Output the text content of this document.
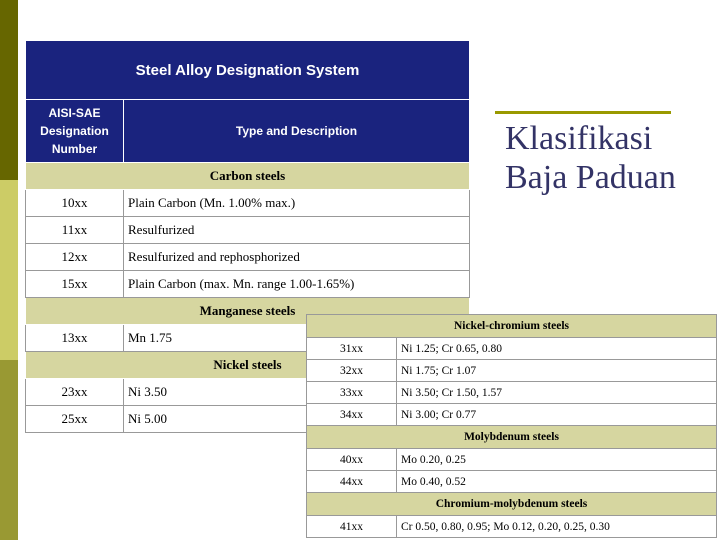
Steel Alloy Designation System	
AISI-SAE Designation Number	Type and Description
Carbon steels	
10xx	Plain Carbon (Mn. 1.00% max.)
11xx	Resulfurized
12xx	Resulfurized and rephosphorized
15xx	Plain Carbon (max. Mn. range 1.00-1.65%)
Manganese steels	
13xx	Mn 1.75
Nickel steels	
23xx	Ni 3.50
25xx	Ni 5.00
Klasifikasi Baja Paduan
Nickel-chromium steels	
31xx	Ni 1.25; Cr 0.65, 0.80
32xx	Ni 1.75; Cr 1.07
33xx	Ni 3.50; Cr 1.50, 1.57
34xx	Ni 3.00; Cr 0.77
Molybdenum steels	
40xx	Mo 0.20, 0.25
44xx	Mo 0.40, 0.52
Chromium-molybdenum steels	
41xx	Cr 0.50, 0.80, 0.95; Mo 0.12, 0.20, 0.25, 0.30
